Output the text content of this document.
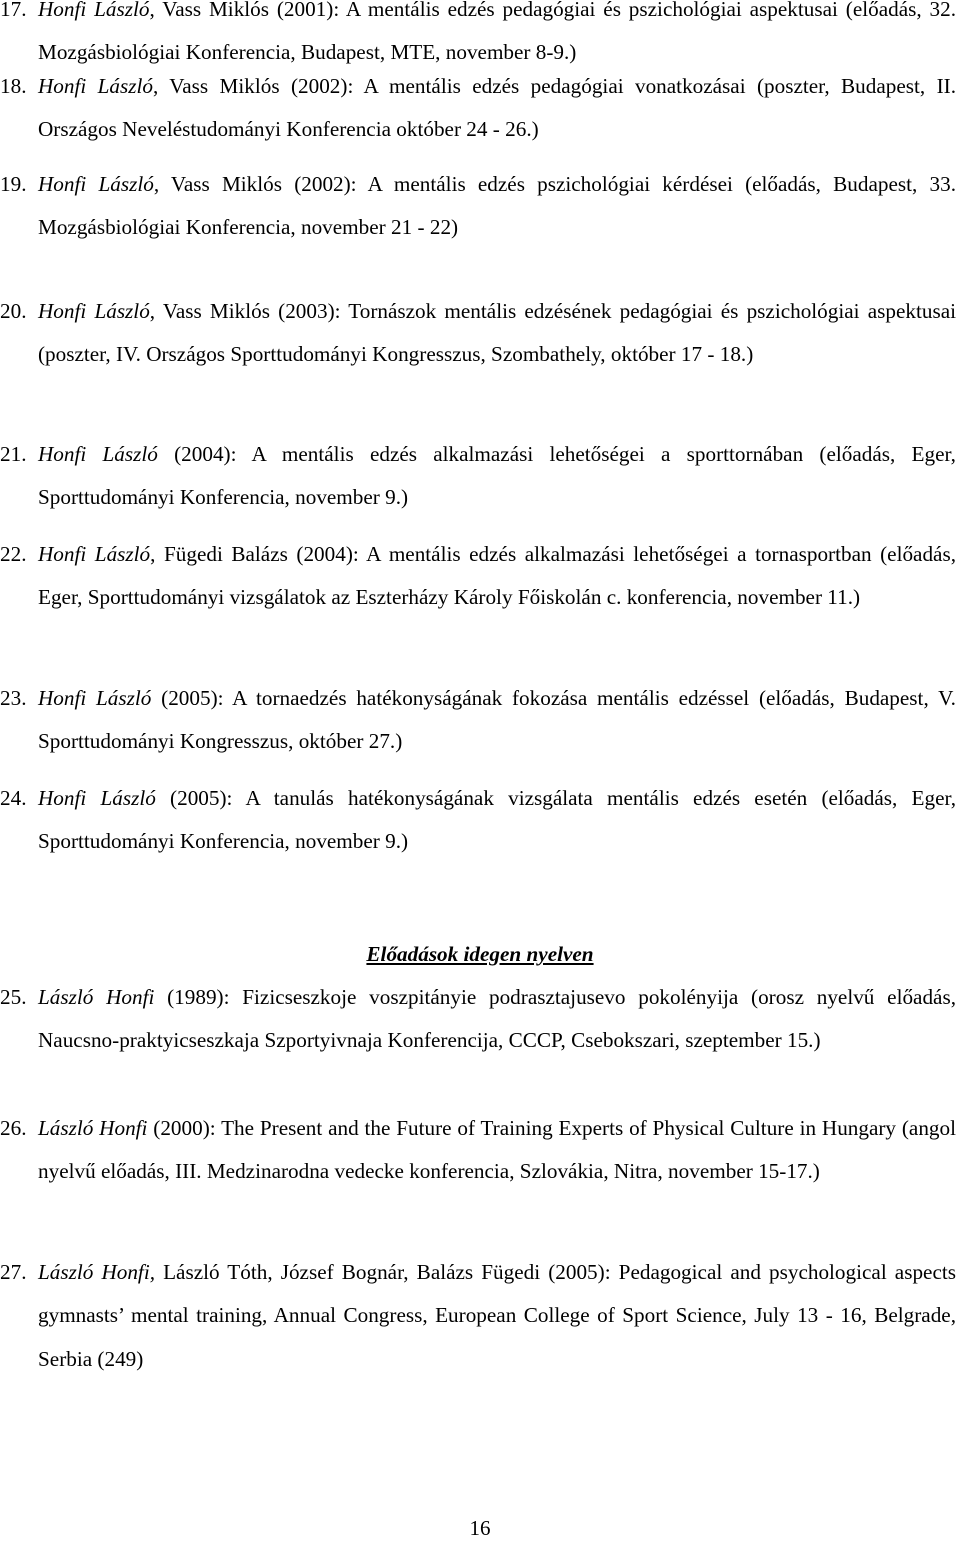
17. Honfi László, Vass Miklós (2001): A mentális edzés pedagógiai és pszichológiai aspektusai (előadás, 32. Mozgásbiológiai Konferencia, Budapest, MTE, november 8-9.)
18. Honfi László, Vass Miklós (2002): A mentális edzés pedagógiai vonatkozásai (poszter, Budapest, II. Országos Neveléstudományi Konferencia október 24 - 26.)
19. Honfi László, Vass Miklós (2002): A mentális edzés pszichológiai kérdései (előadás, Budapest, 33. Mozgásbiológiai Konferencia, november 21 - 22)
20. Honfi László, Vass Miklós (2003): Tornászok mentális edzésének pedagógiai és pszichológiai aspektusai (poszter, IV. Országos Sporttudományi Kongresszus, Szombathely, október 17 - 18.)
21. Honfi László (2004): A mentális edzés alkalmazási lehetőségei a sporttornában (előadás, Eger, Sporttudományi Konferencia, november 9.)
22. Honfi László, Fügedi Balázs (2004): A mentális edzés alkalmazási lehetőségei a tornasportban (előadás, Eger, Sporttudományi vizsgálatok az Eszterházy Károly Főiskolán c. konferencia, november 11.)
23. Honfi László (2005): A tornaedzés hatékonyságának fokozása mentális edzéssel (előadás, Budapest, V. Sporttudományi Kongresszus, október 27.)
24. Honfi László (2005): A tanulás hatékonyságának vizsgálata mentális edzés esetén (előadás, Eger, Sporttudományi Konferencia, november 9.)
Előadások idegen nyelven
25. László Honfi (1989): Fizicseszkoje voszpitányie podrasztajusevo pokolényija (orosz nyelvű előadás, Naucsno-praktyicseszkaja Szportyivnaja Konferencija, CCCP, Csebokszari, szeptember 15.)
26. László Honfi (2000): The Present and the Future of Training Experts of Physical Culture in Hungary (angol nyelvű előadás, III. Medzinarodna vedecke konferencia, Szlovákia, Nitra, november 15-17.)
27. László Honfi, László Tóth, József Bognár, Balázs Fügedi (2005): Pedagogical and psychological aspects gymnasts’ mental training, Annual Congress, European College of Sport Science, July 13 - 16, Belgrade, Serbia (249)
16
